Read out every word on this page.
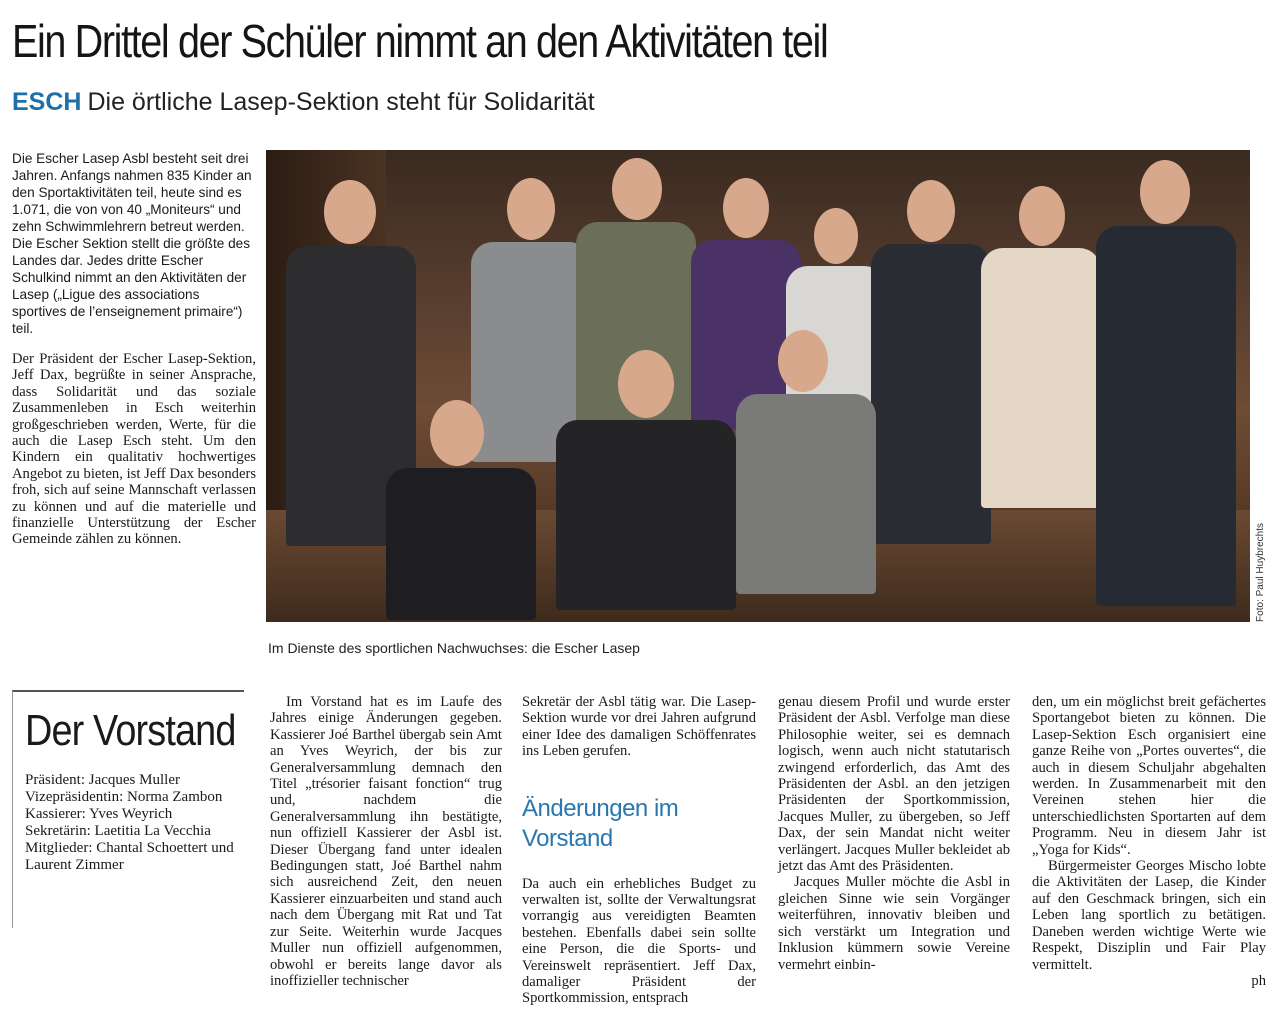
Ein Drittel der Schüler nimmt an den Aktivitäten teil

ESCH Die örtliche Lasep-Sektion steht für Solidarität

Die Escher Lasep Asbl besteht seit drei Jahren. Anfangs nahmen 835 Kinder an den Sportaktivitäten teil, heute sind es 1.071, die von von 40 „Moniteurs“ und zehn Schwimmlehrern betreut werden. Die Escher Sektion stellt die größte des Landes dar. Jedes dritte Escher Schulkind nimmt an den Aktivitäten der Lasep („Ligue des associations sportives de l’enseignement primaire“) teil.

Der Präsident der Escher Lasep-Sektion, Jeff Dax, begrüßte in seiner Ansprache, dass Solidarität und das soziale Zusammenleben in Esch weiterhin großgeschrieben werden, Werte, für die auch die Lasep Esch steht. Um den Kindern ein qualitativ hochwertiges Angebot zu bieten, ist Jeff Dax besonders froh, sich auf seine Mannschaft verlassen zu können und auf die materielle und finanzielle Unterstützung der Escher Gemeinde zählen zu können.	Foto: Paul Huybrechts
Im Dienste des sportlichen Nachwuchses: die Escher Lasep
Der Vorstand
Präsident: Jacques Muller
Vizepräsidentin: Norma Zambon
Kassierer: Yves Weyrich
Sekretärin: Laetitia La Vecchia
Mitglieder: Chantal Schoettert und Laurent Zimmer

Im Vorstand hat es im Laufe des Jahres einige Änderungen gegeben. Kassierer Joé Barthel übergab sein Amt an Yves Weyrich, der bis zur Generalversammlung demnach den Titel „trésorier faisant fonction“ trug und, nachdem die Generalversammlung ihn bestätigte, nun offiziell Kassierer der Asbl ist. Dieser Übergang fand unter idealen Bedingungen statt, Joé Barthel nahm sich ausreichend Zeit, den neuen Kassierer einzuarbeiten und stand auch nach dem Übergang mit Rat und Tat zur Seite. Weiterhin wurde Jacques Muller nun offiziell aufgenommen, obwohl er bereits lange davor als inoffizieller technischer

Sekretär der Asbl tätig war. Die Lasep-Sektion wurde vor drei Jahren aufgrund einer Idee des damaligen Schöffenrates ins Leben gerufen.

Änderungen im Vorstand

Da auch ein erhebliches Budget zu verwalten ist, sollte der Verwaltungsrat vorrangig aus vereidigten Beamten bestehen. Ebenfalls dabei sein sollte eine Person, die die Sports- und Vereinswelt repräsentiert. Jeff Dax, damaliger Präsident der Sportkommission, entsprach

genau diesem Profil und wurde erster Präsident der Asbl. Verfolge man diese Philosophie weiter, sei es demnach logisch, wenn auch nicht statutarisch zwingend erforderlich, das Amt des Präsidenten der Asbl. an den jetzigen Präsidenten der Sportkommission, Jacques Muller, zu übergeben, so Jeff Dax, der sein Mandat nicht weiter verlängert. Jacques Muller bekleidet ab jetzt das Amt des Präsidenten.

Jacques Muller möchte die Asbl in gleichen Sinne wie sein Vorgänger weiterführen, innovativ bleiben und sich verstärkt um Integration und Inklusion kümmern sowie Vereine vermehrt einbin-

den, um ein möglichst breit gefächertes Sportangebot bieten zu können. Die Lasep-Sektion Esch organisiert eine ganze Reihe von „Portes ouvertes“, die auch in diesem Schuljahr abgehalten werden. In Zusammenarbeit mit den Vereinen stehen hier die unterschiedlichsten Sportarten auf dem Programm. Neu in diesem Jahr ist „Yoga for Kids“.

Bürgermeister Georges Mischo lobte die Aktivitäten der Lasep, die Kinder auf den Geschmack bringen, sich ein Leben lang sportlich zu betätigen. Daneben werden wichtige Werte wie Respekt, Disziplin und Fair Play vermittelt.

ph
